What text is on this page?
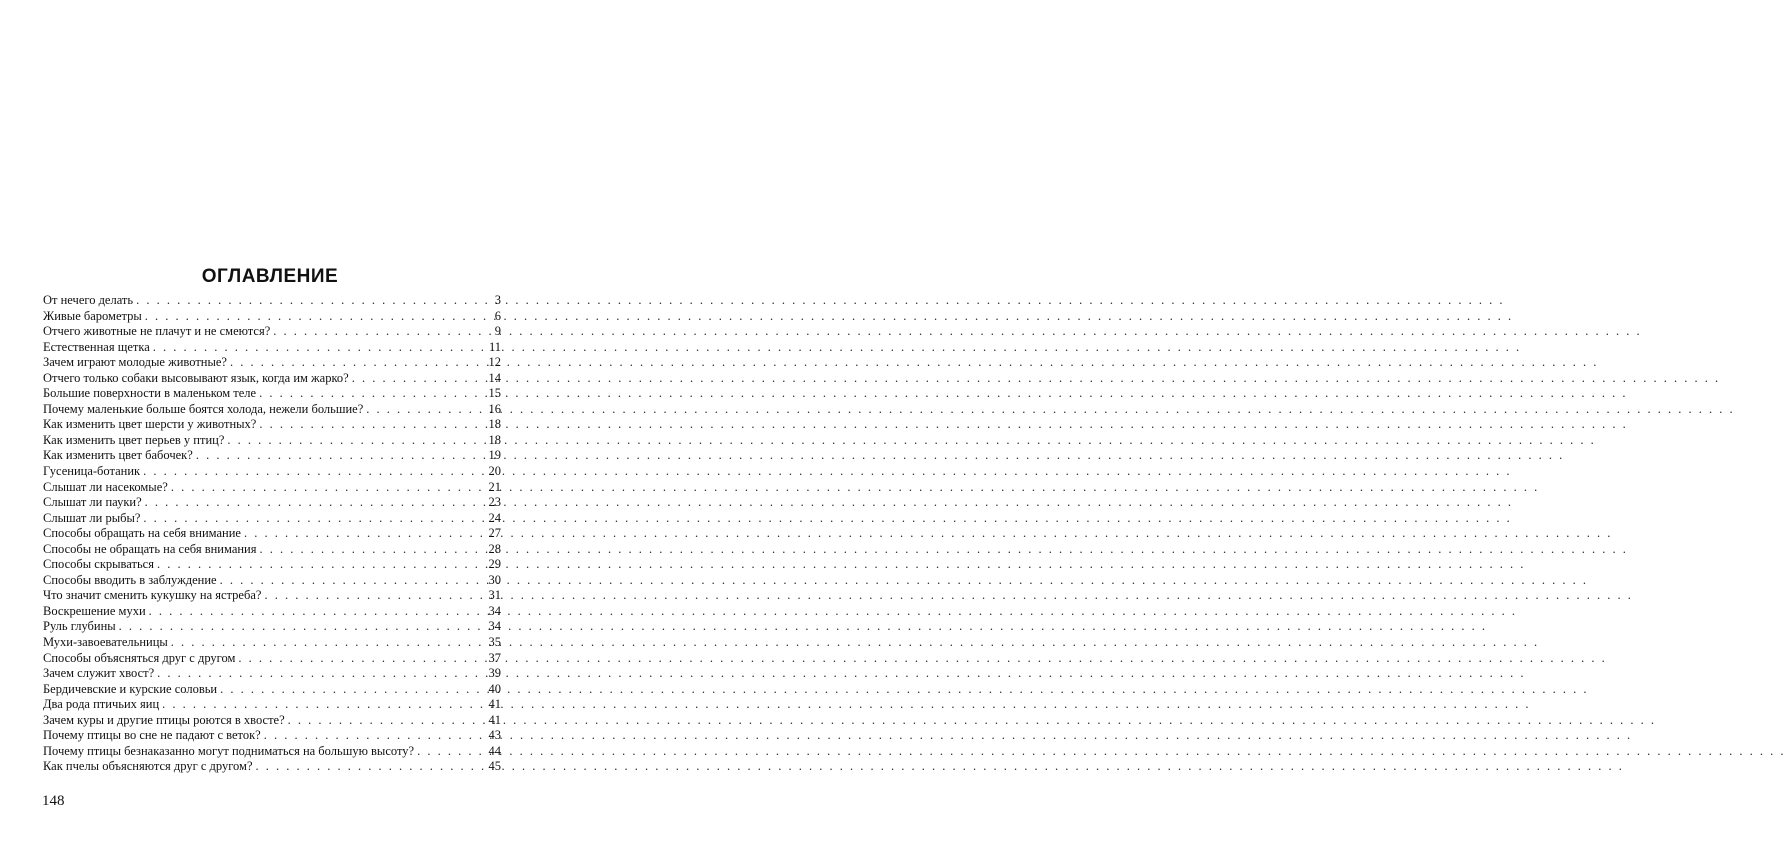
ОГЛАВЛЕНИЕ
От нечего делать . . .	3
Живые барометры . . .	6
Отчего животные не плачут и не смеются? . . .	9
Естественная щетка . . .	11
Зачем играют молодые животные? . . .	12
Отчего только собаки высовывают язык, когда им жарко? . . .	14
Большие поверхности в маленьком теле . . .	15
Почему маленькие больше боятся холода, нежели большие? . . .	16
Как изменить цвет шерсти у животных? . . .	18
Как изменить цвет перьев у птиц? . . .	18
Как изменить цвет бабочек? . . .	19
Гусеница-ботаник . . .	20
Слышат ли насекомые? . . .	21
Слышат ли пауки? . . .	23
Слышат ли рыбы? . . .	24
Способы обращать на себя внимание . . .	27
Способы не обращать на себя внимания . . .	28
Способы скрываться . . .	29
Способы вводить в заблуждение . . .	30
Что значит сменить кукушку на ястреба? . . .	31
Воскрешение мухи . . .	34
Руль глубины . . .	34
Мухи-завоевательницы . . .	35
Способы объясняться друг с другом . . .	37
Зачем служит хвост? . . .	39
Бердичевские и курские соловьи . . .	40
Два рода птичьих яиц . . .	41
Зачем куры и другие птицы роются в хвосте? . . .	41
Почему птицы во сне не падают с веток? . . .	43
Почему птицы безнаказанно могут подниматься на большую высоту? . . .	44
Как пчелы объясняются друг с другом? . . .	45
148
